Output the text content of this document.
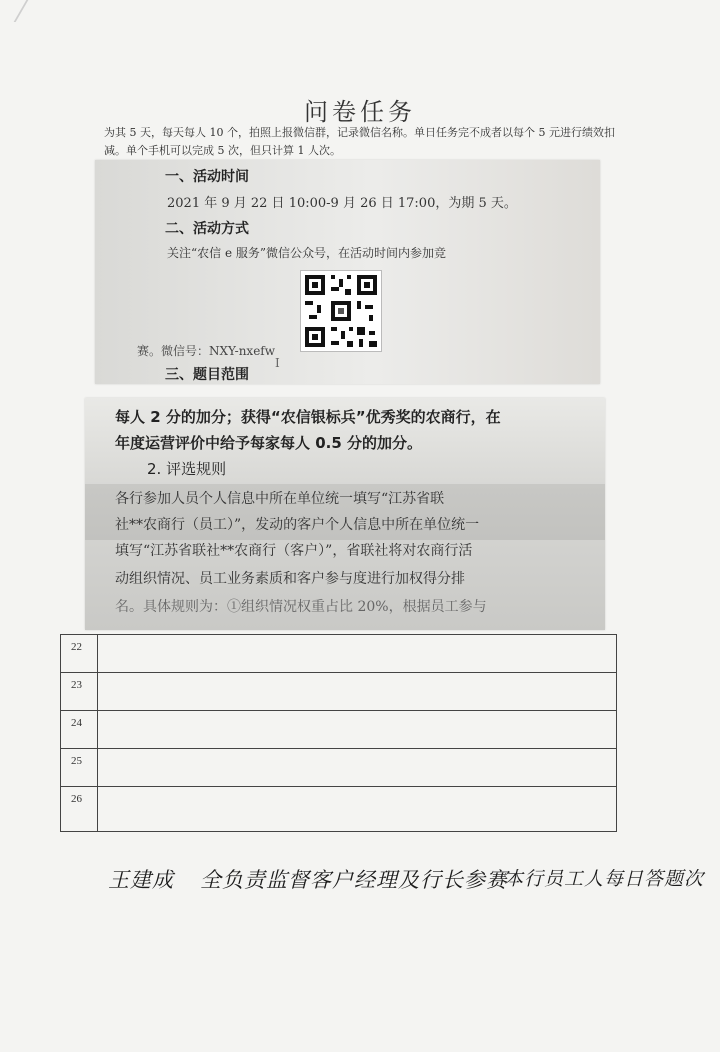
问卷任务
为其 5 天，每天每人 10 个，拍照上报微信群，记录微信名称。单日任务完不成者以每个 5 元进行绩效扣减。单个手机可以完成 5 次，但只计算 1 人次。
一、活动时间
2021 年 9 月 22 日 10:00-9 月 26 日 17:00，为期 5 天。
二、活动方式
关注“农信 e 服务”微信公众号，在活动时间内参加竞
赛。微信号：NXY-nxefw
I
三、题目范围
每人 2 分的加分；获得“农信银标兵”优秀奖的农商行，在
年度运营评价中给予每家每人 0.5 分的加分。
2. 评选规则
各行参加人员个人信息中所在单位统一填写“江苏省联
社**农商行（员工）”，发动的客户个人信息中所在单位统一
填写“江苏省联社**农商行（客户）”，省联社将对农商行活
动组织情况、员工业务素质和客户参与度进行加权得分排
名。具体规则为：①组织情况权重占比 20%，根据员工参与
22	
23	
24	
25	
26	
王建成 全负责监督客户经理及行长参赛
本行员工人每日答题次
